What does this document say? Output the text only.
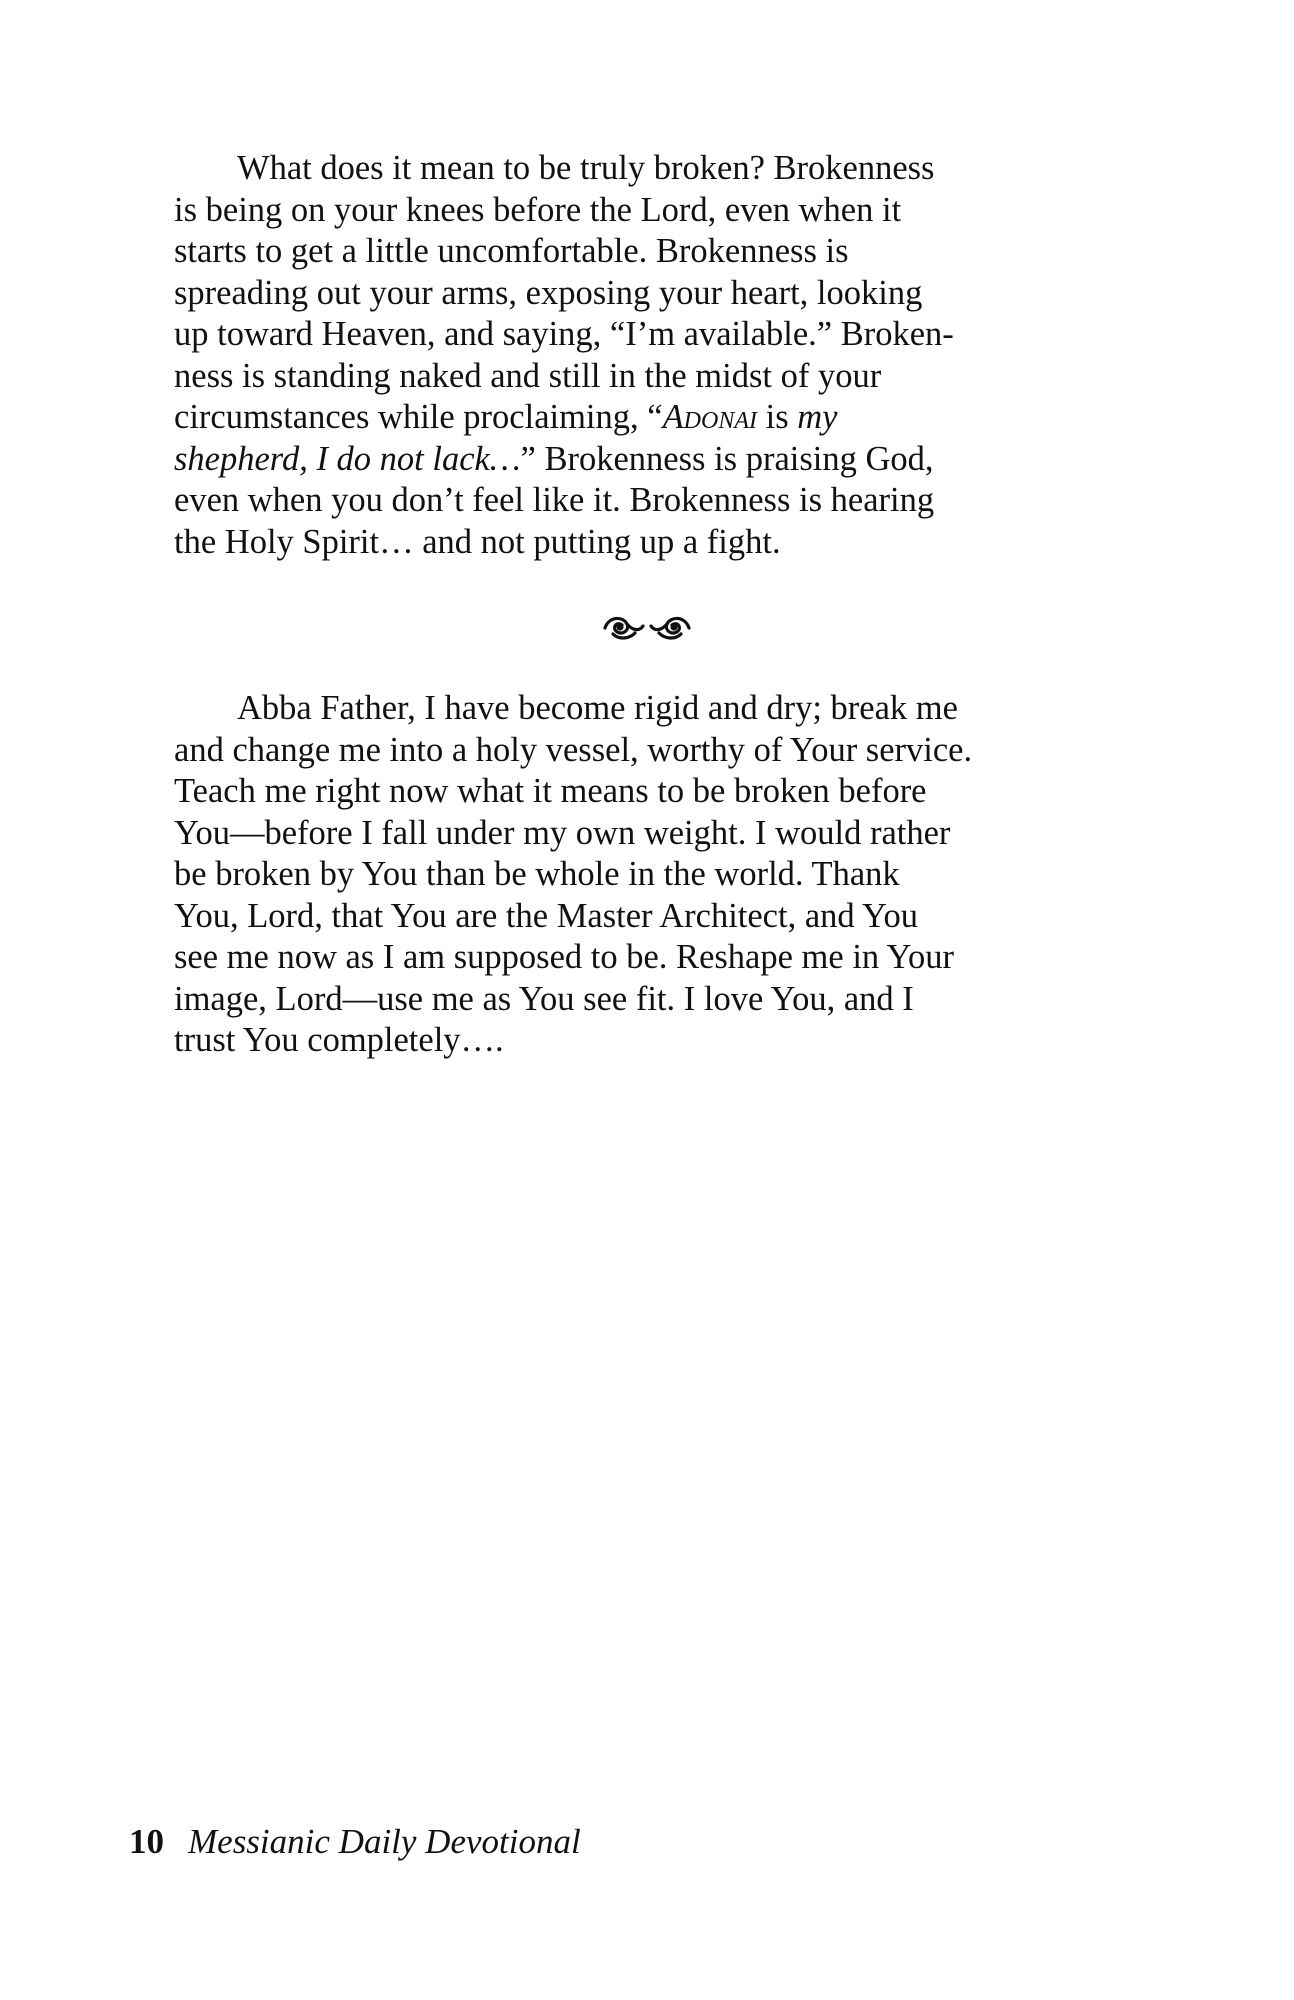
What does it mean to be truly broken? Brokenness
is being on your knees before the Lord, even when it
starts to get a little uncomfortable. Brokenness is
spreading out your arms, exposing your heart, looking
up toward Heaven, and saying, “I’m available.” Broken-
ness is standing naked and still in the midst of your
circumstances while proclaiming, “Adonai is my
shepherd, I do not lack…” Brokenness is praising God,
even when you don’t feel like it. Brokenness is hearing
the Holy Spirit… and not putting up a fight.

Abba Father, I have become rigid and dry; break me
and change me into a holy vessel, worthy of Your service.
Teach me right now what it means to be broken before
You—before I fall under my own weight. I would rather
be broken by You than be whole in the world. Thank
You, Lord, that You are the Master Architect, and You
see me now as I am supposed to be. Reshape me in Your
image, Lord—use me as You see fit. I love You, and I
trust You completely….

10 Messianic Daily Devotional
